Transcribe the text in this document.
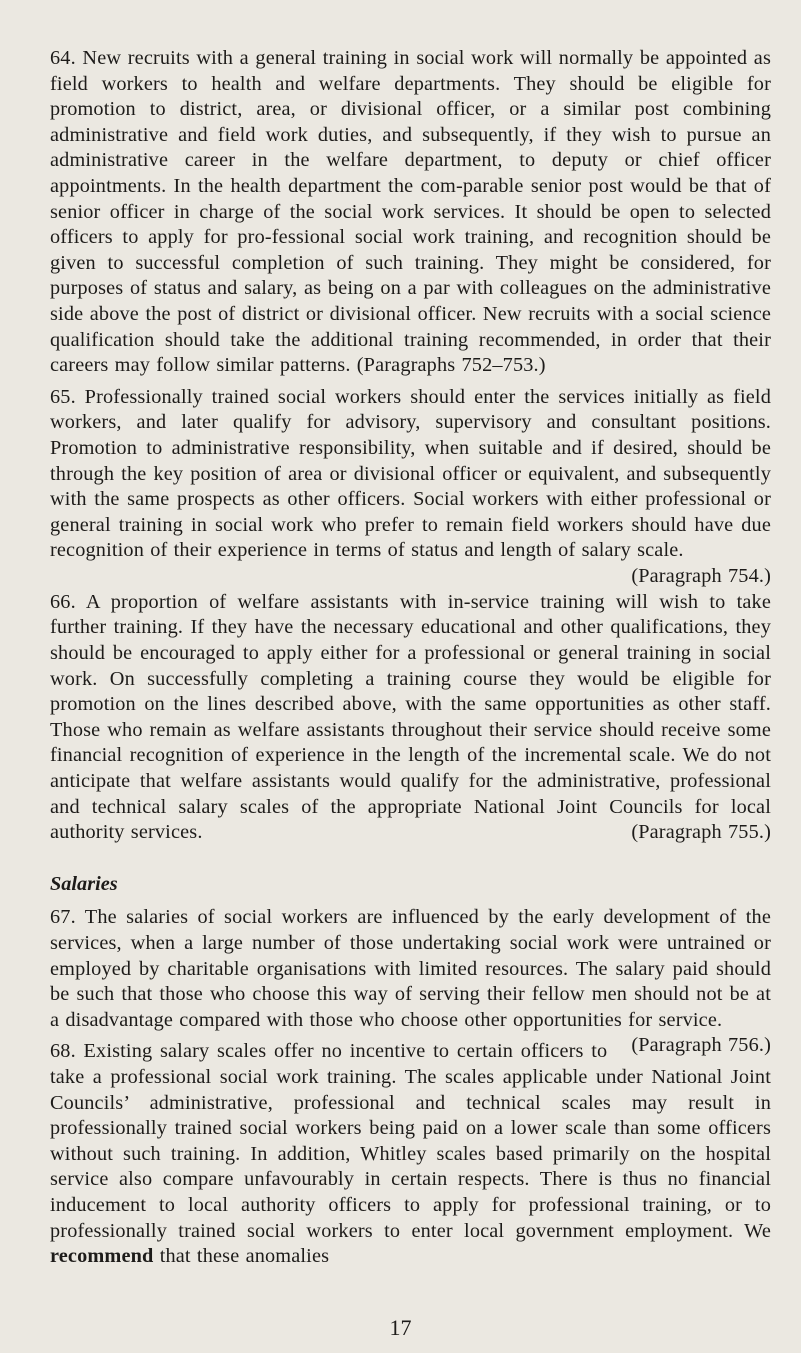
64. New recruits with a general training in social work will normally be appointed as field workers to health and welfare departments. They should be eligible for promotion to district, area, or divisional officer, or a similar post combining administrative and field work duties, and subsequently, if they wish to pursue an administrative career in the welfare department, to deputy or chief officer appointments. In the health department the com-parable senior post would be that of senior officer in charge of the social work services. It should be open to selected officers to apply for pro-fessional social work training, and recognition should be given to successful completion of such training. They might be considered, for purposes of status and salary, as being on a par with colleagues on the administrative side above the post of district or divisional officer. New recruits with a social science qualification should take the additional training recommended, in order that their careers may follow similar patterns. (Paragraphs 752–753.)

65. Professionally trained social workers should enter the services initially as field workers, and later qualify for advisory, supervisory and consultant positions. Promotion to administrative responsibility, when suitable and if desired, should be through the key position of area or divisional officer or equivalent, and subsequently with the same prospects as other officers. Social workers with either professional or general training in social work who prefer to remain field workers should have due recognition of their experience in terms of status and length of salary scale.
(Paragraph 754.)

66. A proportion of welfare assistants with in-service training will wish to take further training. If they have the necessary educational and other qualifications, they should be encouraged to apply either for a professional or general training in social work. On successfully completing a training course they would be eligible for promotion on the lines described above, with the same opportunities as other staff. Those who remain as welfare assistants throughout their service should receive some financial recognition of experience in the length of the incremental scale. We do not anticipate that welfare assistants would qualify for the administrative, professional and technical salary scales of the appropriate National Joint Councils for local authority services.	(Paragraph 755.)

Salaries

67. The salaries of social workers are influenced by the early development of the services, when a large number of those undertaking social work were untrained or employed by charitable organisations with limited resources. The salary paid should be such that those who choose this way of serving their fellow men should not be at a disadvantage compared with those who choose other opportunities for service.
(Paragraph 756.)

68. Existing salary scales offer no incentive to certain officers to take a professional social work training. The scales applicable under National Joint Councils’ administrative, professional and technical scales may result in professionally trained social workers being paid on a lower scale than some officers without such training. In addition, Whitley scales based primarily on the hospital service also compare unfavourably in certain respects. There is thus no financial inducement to local authority officers to apply for professional training, or to professionally trained social workers to enter local government employment. We recommend that these anomalies

17
